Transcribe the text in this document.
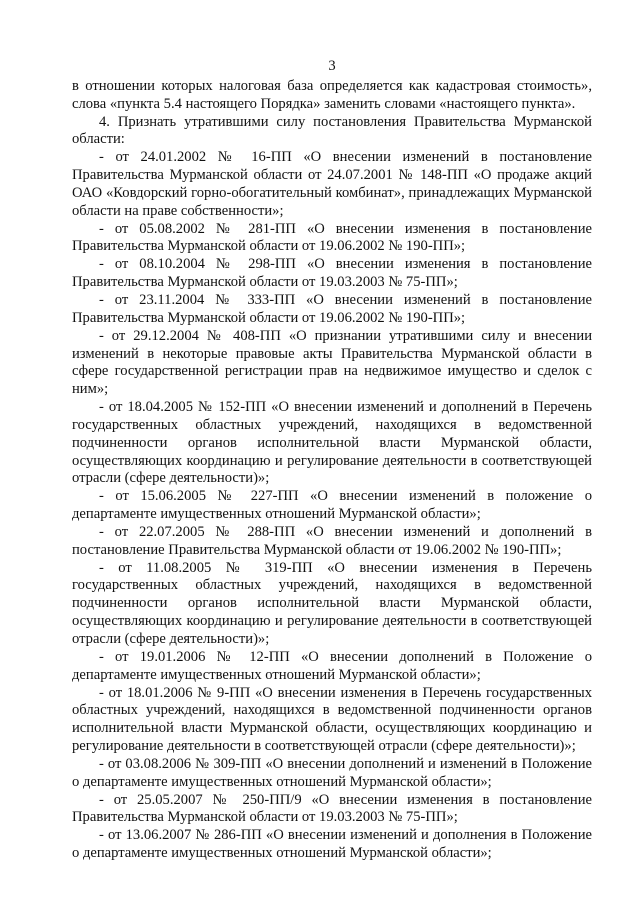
3

в отношении которых налоговая база определяется как кадастровая стоимость», слова «пункта 5.4 настоящего Порядка» заменить словами «настоящего пункта».

4. Признать утратившими силу постановления Правительства Мурманской области:

- от 24.01.2002 № 16-ПП «О внесении изменений в постановление Правительства Мурманской области от 24.07.2001 № 148-ПП «О продаже акций ОАО «Ковдорский горно-обогатительный комбинат», принадлежащих Мурманской области на праве собственности»;

- от 05.08.2002 № 281-ПП «О внесении изменения в постановление Правительства Мурманской области от 19.06.2002 № 190-ПП»;

- от 08.10.2004 № 298-ПП «О внесении изменения в постановление Правительства Мурманской области от 19.03.2003 № 75-ПП»;

- от 23.11.2004 № 333-ПП «О внесении изменений в постановление Правительства Мурманской области от 19.06.2002 № 190-ПП»;

- от 29.12.2004 № 408-ПП «О признании утратившими силу и внесении изменений в некоторые правовые акты Правительства Мурманской области в сфере государственной регистрации прав на недвижимое имущество и сделок с ним»;

- от 18.04.2005 № 152-ПП «О внесении изменений и дополнений в Перечень государственных областных учреждений, находящихся в ведомственной подчиненности органов исполнительной власти Мурманской области, осуществляющих координацию и регулирование деятельности в соответствующей отрасли (сфере деятельности)»;

- от 15.06.2005 № 227-ПП «О внесении изменений в положение о департаменте имущественных отношений Мурманской области»;

- от 22.07.2005 № 288-ПП «О внесении изменений и дополнений в постановление Правительства Мурманской области от 19.06.2002 № 190-ПП»;

- от 11.08.2005 № 319-ПП «О внесении изменения в Перечень государственных областных учреждений, находящихся в ведомственной подчиненности органов исполнительной власти Мурманской области, осуществляющих координацию и регулирование деятельности в соответствующей отрасли (сфере деятельности)»;

- от 19.01.2006 № 12-ПП «О внесении дополнений в Положение о департаменте имущественных отношений Мурманской области»;

- от 18.01.2006 № 9-ПП «О внесении изменения в Перечень государственных областных учреждений, находящихся в ведомственной подчиненности органов исполнительной власти Мурманской области, осуществляющих координацию и регулирование деятельности в соответствующей отрасли (сфере деятельности)»;

- от 03.08.2006 № 309-ПП «О внесении дополнений и изменений в Положение о департаменте имущественных отношений Мурманской области»;

- от 25.05.2007 № 250-ПП/9 «О внесении изменения в постановление Правительства Мурманской области от 19.03.2003 № 75-ПП»;

- от 13.06.2007 № 286-ПП «О внесении изменений и дополнения в Положение о департаменте имущественных отношений Мурманской области»;
